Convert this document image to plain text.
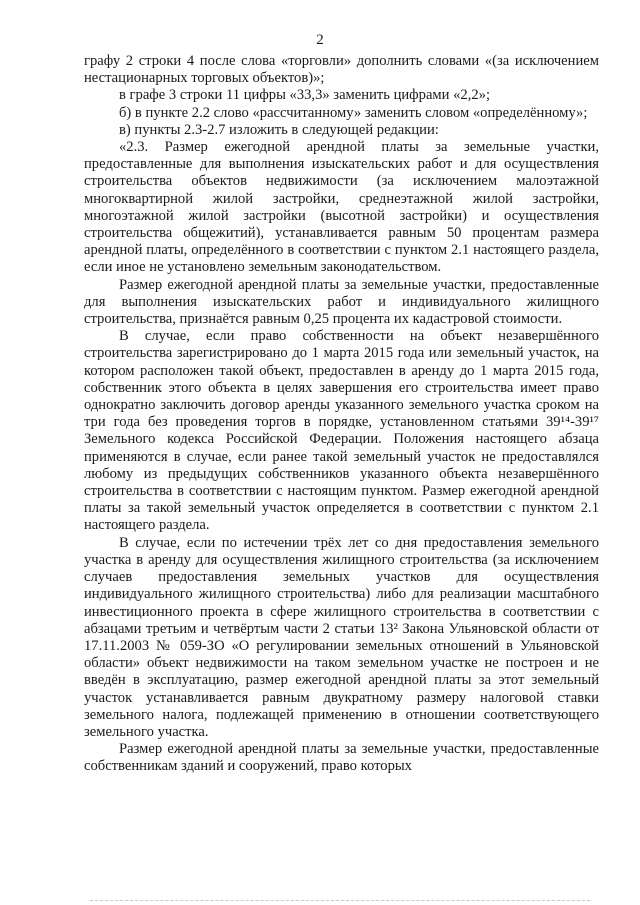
2

графу 2 строки 4 после слова «торговли» дополнить словами «(за исключением нестационарных торговых объектов)»;

в графе 3 строки 11 цифры «33,3» заменить цифрами «2,2»;

б) в пункте 2.2 слово «рассчитанному» заменить словом «определённому»;

в) пункты 2.3-2.7 изложить в следующей редакции:

«2.3. Размер ежегодной арендной платы за земельные участки, предоставленные для выполнения изыскательских работ и для осуществления строительства объектов недвижимости (за исключением малоэтажной многоквартирной жилой застройки, среднеэтажной жилой застройки, многоэтажной жилой застройки (высотной застройки) и осуществления строительства общежитий), устанавливается равным 50 процентам размера арендной платы, определённого в соответствии с пунктом 2.1 настоящего раздела, если иное не установлено земельным законодательством.

Размер ежегодной арендной платы за земельные участки, предоставленные для выполнения изыскательских работ и индивидуального жилищного строительства, признаётся равным 0,25 процента их кадастровой стоимости.

В случае, если право собственности на объект незавершённого строительства зарегистрировано до 1 марта 2015 года или земельный участок, на котором расположен такой объект, предоставлен в аренду до 1 марта 2015 года, собственник этого объекта в целях завершения его строительства имеет право однократно заключить договор аренды указанного земельного участка сроком на три года без проведения торгов в порядке, установленном статьями 39¹⁴-39¹⁷ Земельного кодекса Российской Федерации. Положения настоящего абзаца применяются в случае, если ранее такой земельный участок не предоставлялся любому из предыдущих собственников указанного объекта незавершённого строительства в соответствии с настоящим пунктом. Размер ежегодной арендной платы за такой земельный участок определяется в соответствии с пунктом 2.1 настоящего раздела.

В случае, если по истечении трёх лет со дня предоставления земельного участка в аренду для осуществления жилищного строительства (за исключением случаев предоставления земельных участков для осуществления индивидуального жилищного строительства) либо для реализации масштабного инвестиционного проекта в сфере жилищного строительства в соответствии с абзацами третьим и четвёртым части 2 статьи 13² Закона Ульяновской области от 17.11.2003 № 059-ЗО «О регулировании земельных отношений в Ульяновской области» объект недвижимости на таком земельном участке не построен и не введён в эксплуатацию, размер ежегодной арендной платы за этот земельный участок устанавливается равным двукратному размеру налоговой ставки земельного налога, подлежащей применению в отношении соответствующего земельного участка.

Размер ежегодной арендной платы за земельные участки, предоставленные собственникам зданий и сооружений, право которых
